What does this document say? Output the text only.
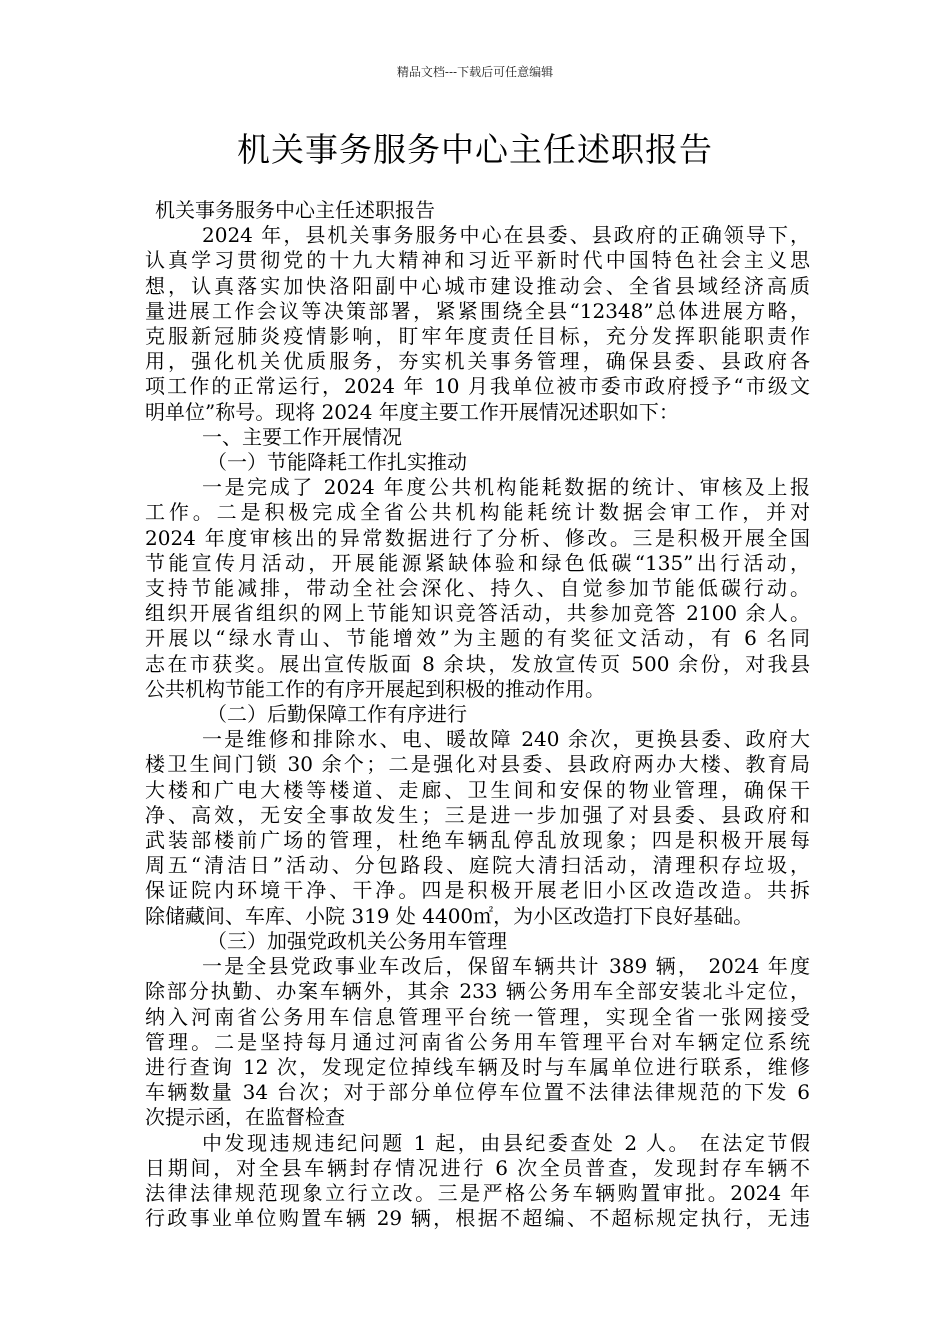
精品文档---下载后可任意编辑
机关事务服务中心主任述职报告
机关事务服务中心主任述职报告
2024 年，县机关事务服务中心在县委、县政府的正确领导下，
认真学习贯彻党的十九大精神和习近平新时代中国特色社会主义思
想，认真落实加快洛阳副中心城市建设推动会、全省县域经济高质
量进展工作会议等决策部署，紧紧围绕全县“12348”总体进展方略，
克服新冠肺炎疫情影响，盯牢年度责任目标，充分发挥职能职责作
用，强化机关优质服务，夯实机关事务管理，确保县委、县政府各
项工作的正常运行，2024 年 10 月我单位被市委市政府授予“市级文
明单位”称号。现将 2024 年度主要工作开展情况述职如下：
一、主要工作开展情况
（一）节能降耗工作扎实推动
一是完成了 2024 年度公共机构能耗数据的统计、审核及上报
工作。二是积极完成全省公共机构能耗统计数据会审工作，并对
2024 年度审核出的异常数据进行了分析、修改。三是积极开展全国
节能宣传月活动，开展能源紧缺体验和绿色低碳“135”出行活动，
支持节能减排，带动全社会深化、持久、自觉参加节能低碳行动。
组织开展省组织的网上节能知识竞答活动，共参加竞答 2100 余人。
开展以“绿水青山、节能增效”为主题的有奖征文活动，有 6 名同
志在市获奖。展出宣传版面 8 余块，发放宣传页 500 余份，对我县
公共机构节能工作的有序开展起到积极的推动作用。
（二）后勤保障工作有序进行
一是维修和排除水、电、暖故障 240 余次，更换县委、政府大
楼卫生间门锁 30 余个；二是强化对县委、县政府两办大楼、教育局
大楼和广电大楼等楼道、走廊、卫生间和安保的物业管理，确保干
净、高效，无安全事故发生；三是进一步加强了对县委、县政府和
武装部楼前广场的管理，杜绝车辆乱停乱放现象；四是积极开展每
周五“清洁日”活动、分包路段、庭院大清扫活动，清理积存垃圾，
保证院内环境干净、干净。四是积极开展老旧小区改造改造。共拆
除储藏间、车库、小院 319 处 4400㎡，为小区改造打下良好基础。
（三）加强党政机关公务用车管理
一是全县党政事业车改后，保留车辆共计 389 辆， 2024 年度
除部分执勤、办案车辆外，其余 233 辆公务用车全部安装北斗定位，
纳入河南省公务用车信息管理平台统一管理，实现全省一张网接受
管理。二是坚持每月通过河南省公务用车管理平台对车辆定位系统
进行查询 12 次，发现定位掉线车辆及时与车属单位进行联系，维修
车辆数量 34 台次；对于部分单位停车位置不法律法律规范的下发 6
次提示函，在监督检查
中发现违规违纪问题 1 起，由县纪委查处 2 人。 在法定节假
日期间，对全县车辆封存情况进行 6 次全员普查，发现封存车辆不
法律法律规范现象立行立改。三是严格公务车辆购置审批。2024 年
行政事业单位购置车辆 29 辆，根据不超编、不超标规定执行，无违
